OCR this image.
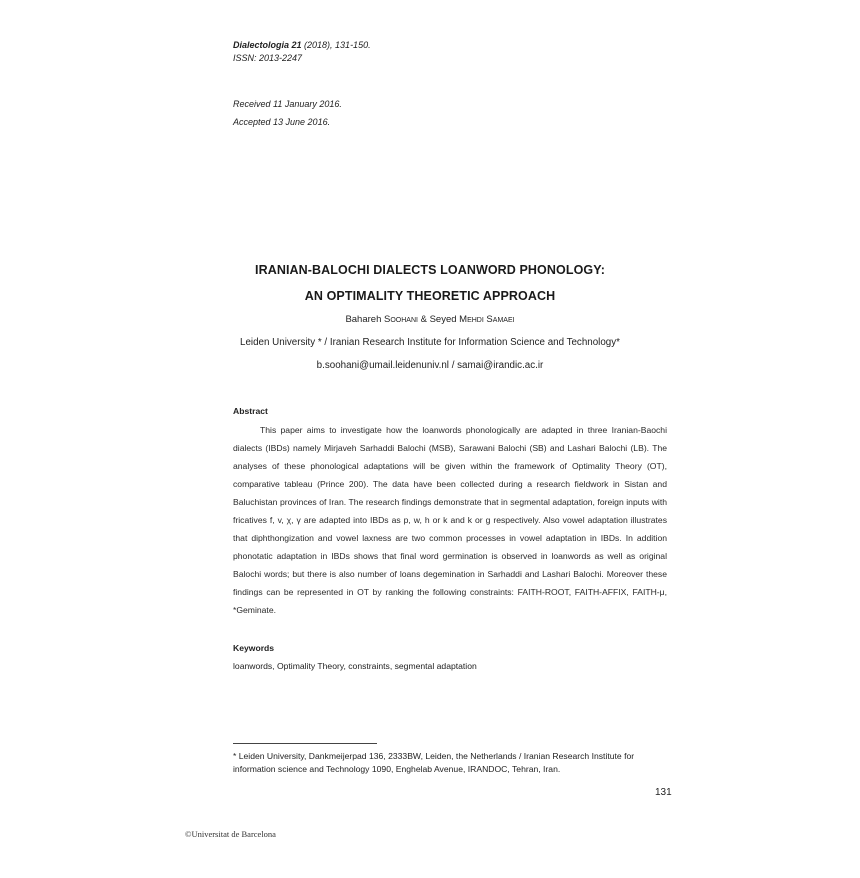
Dialectologia 21 (2018), 131-150.
ISSN: 2013-2247
Received 11 January 2016.
Accepted 13 June 2016.
IRANIAN-BALOCHI DIALECTS LOANWORD PHONOLOGY:
AN OPTIMALITY THEORETIC APPROACH
Bahareh Soohani & Seyed Mehdi Samaei
Leiden University * / Iranian Research Institute for Information Science and Technology*
b.soohani@umail.leidenuniv.nl / samai@irandic.ac.ir
Abstract
This paper aims to investigate how the loanwords phonologically are adapted in three Iranian-Baochi dialects (IBDs) namely Mirjaveh Sarhaddi Balochi (MSB), Sarawani Balochi (SB) and Lashari Balochi (LB). The analyses of these phonological adaptations will be given within the framework of Optimality Theory (OT), comparative tableau (Prince 200). The data have been collected during a research fieldwork in Sistan and Baluchistan provinces of Iran. The research findings demonstrate that in segmental adaptation, foreign inputs with fricatives f, v, χ, γ are adapted into IBDs as p, w, h or k and k or g respectively. Also vowel adaptation illustrates that diphthongization and vowel laxness are two common processes in vowel adaptation in IBDs. In addition phonotatic adaptation in IBDs shows that final word germination is observed in loanwords as well as original Balochi words; but there is also number of loans degemination in Sarhaddi and Lashari Balochi. Moreover these findings can be represented in OT by ranking the following constraints: FAITH-ROOT, FAITH-AFFIX, FAITH-μ, *Geminate.
Keywords
loanwords, Optimality Theory, constraints, segmental adaptation
* Leiden University, Dankmeijerpad 136, 2333BW, Leiden, the Netherlands / Iranian Research Institute for information science and Technology 1090, Enghelab Avenue, IRANDOC, Tehran, Iran.
131
©Universitat de Barcelona
